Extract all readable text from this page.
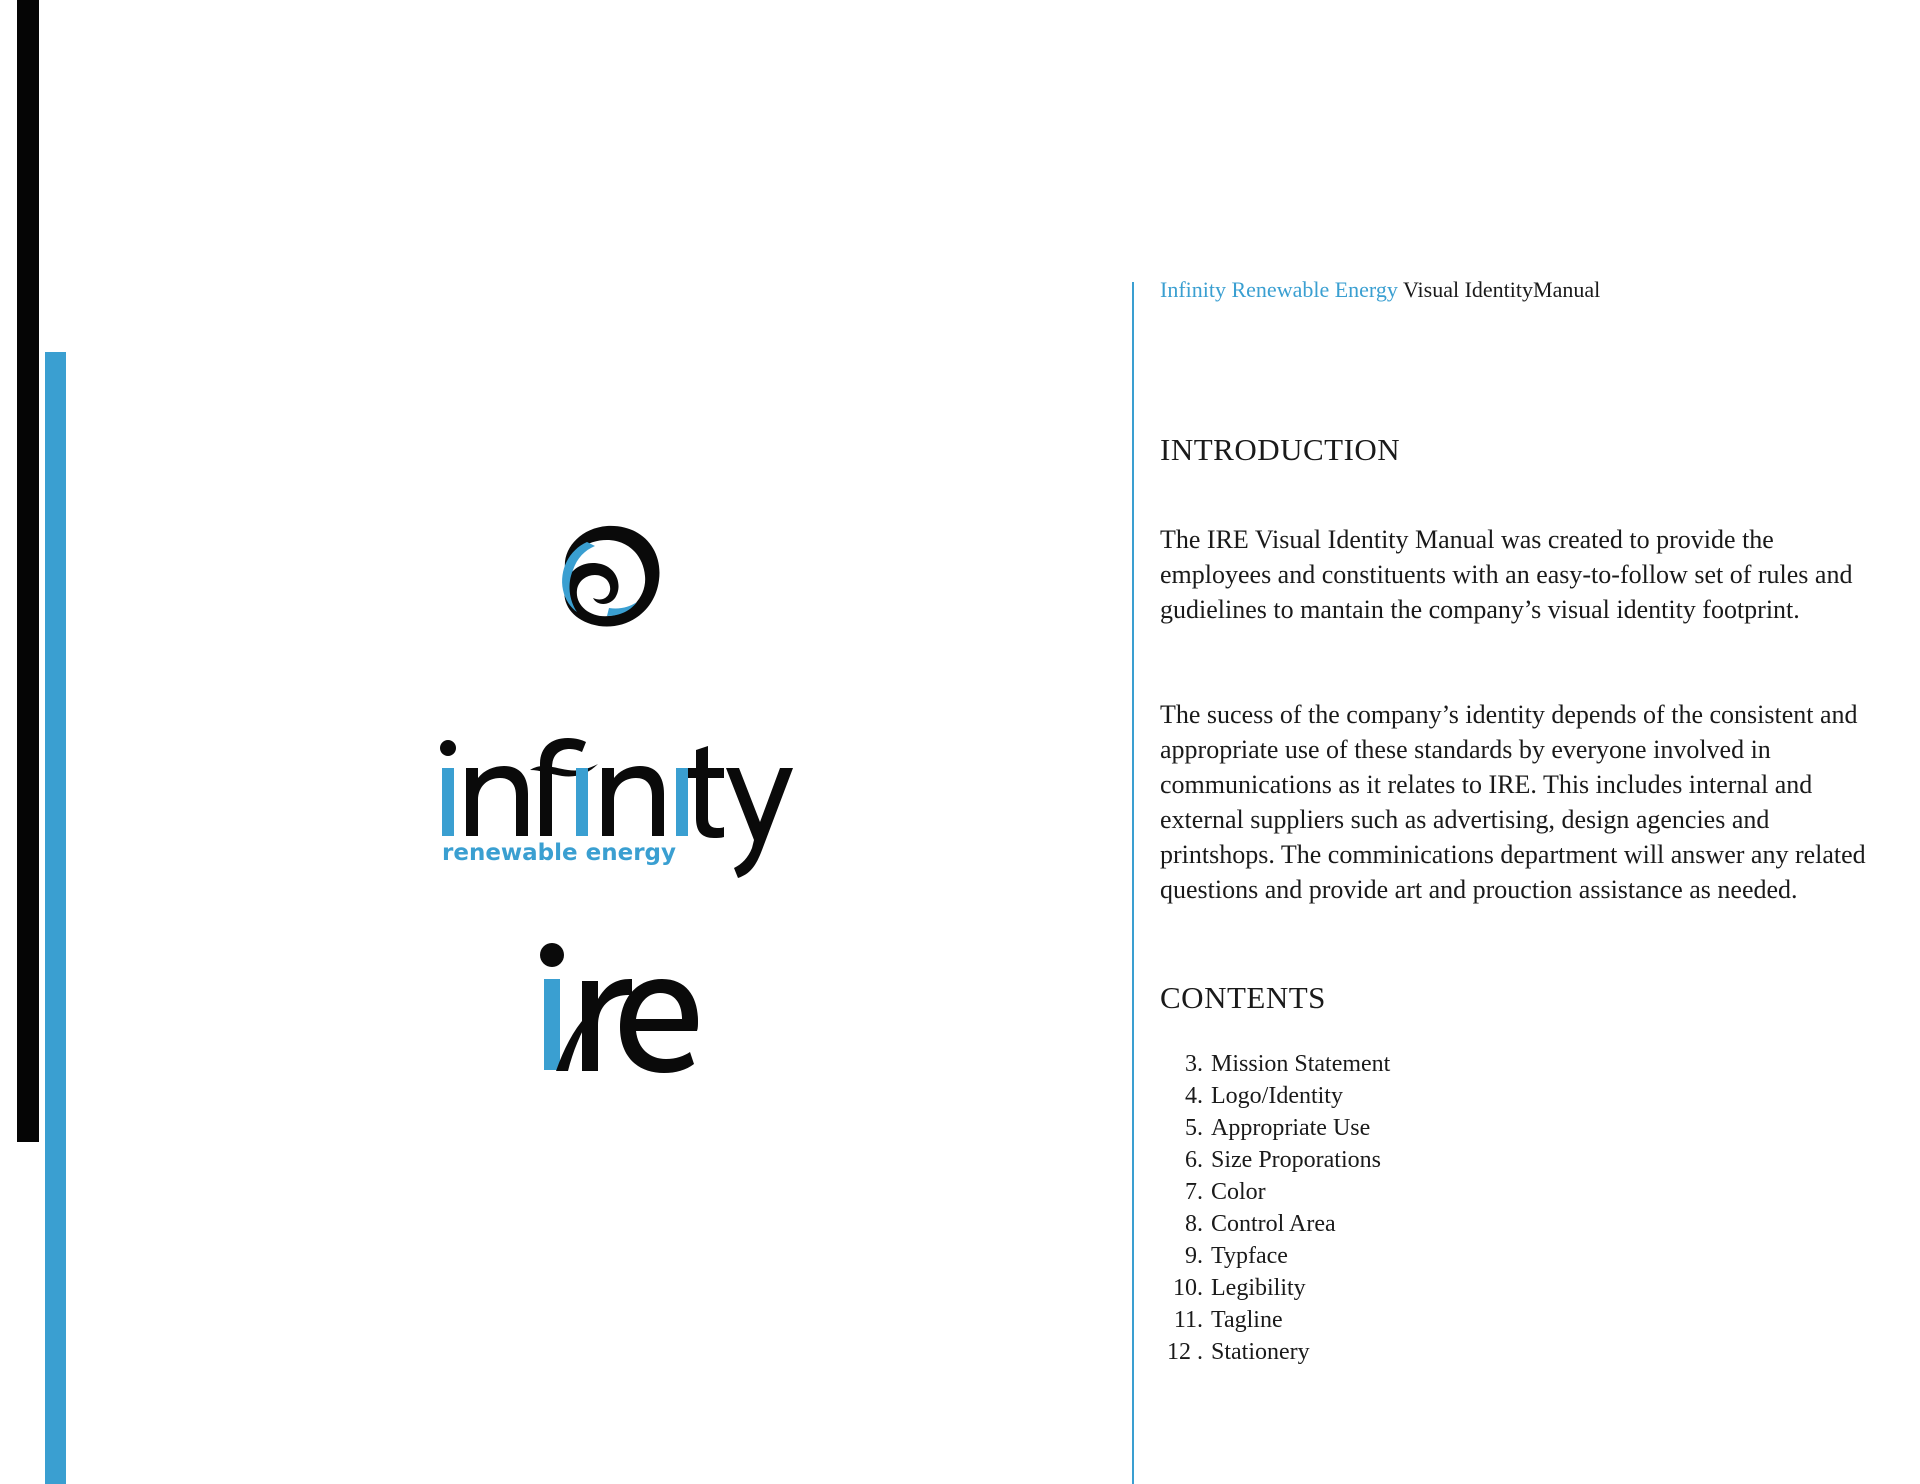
renewable energy
Infinity Renewable Energy Visual IdentityManual
INTRODUCTION

The IRE Visual Identity Manual was created to provide the employees and constituents with an easy-to-follow set of rules and gudielines to mantain the company’s visual identity footprint.

The sucess of the company’s identity depends of the consistent and appropriate use of these standards by everyone involved in communications as it relates to IRE. This includes internal and external suppliers such as advertising, design agencies and printshops. The comminications department will answer any related questions and provide art and prouction assistance as needed.

CONTENTS
3.
Mission Statement
4.
Logo/Identity
5.
Appropriate Use
6.
Size Proporations
7.
Color
8.
Control Area
9.
Typface
10.
Legibility
11.
Tagline
12 .
Stationery
